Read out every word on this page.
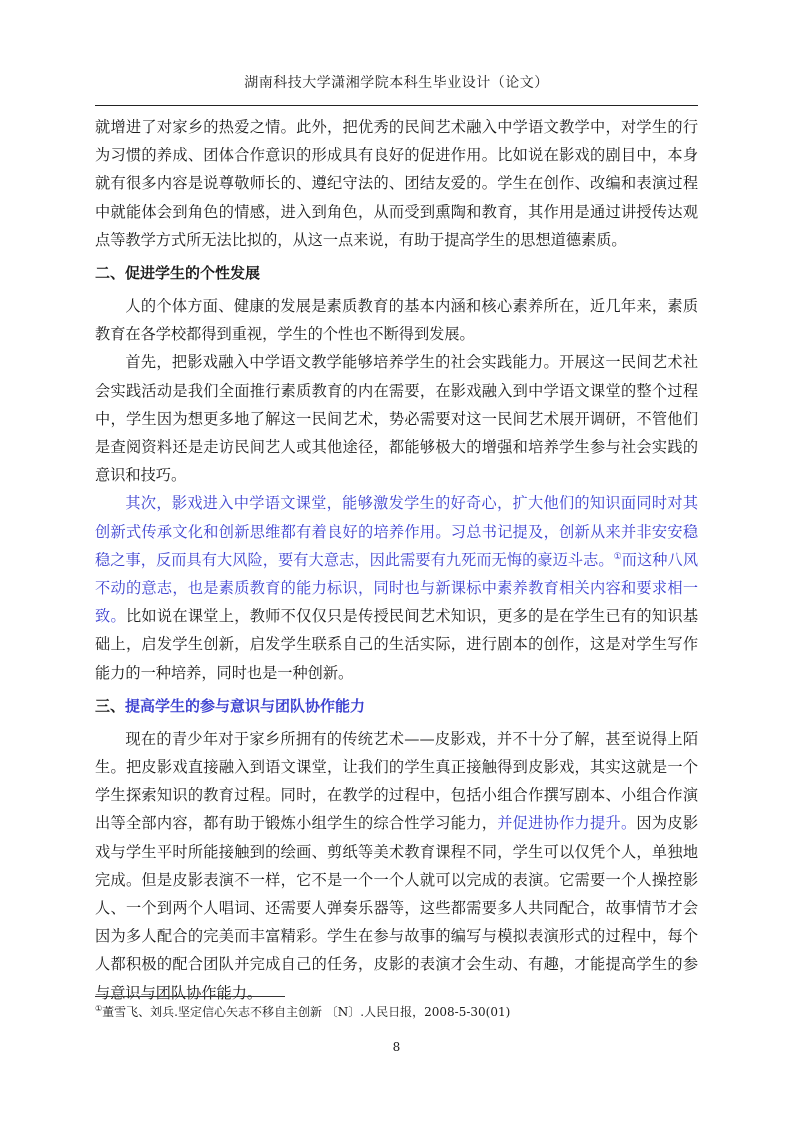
湖南科技大学潇湘学院本科生毕业设计（论文）

就增进了对家乡的热爱之情。此外，把优秀的民间艺术融入中学语文教学中，对学生的行为习惯的养成、团体合作意识的形成具有良好的促进作用。比如说在影戏的剧目中，本身就有很多内容是说尊敬师长的、遵纪守法的、团结友爱的。学生在创作、改编和表演过程中就能体会到角色的情感，进入到角色，从而受到熏陶和教育，其作用是通过讲授传达观点等教学方式所无法比拟的，从这一点来说，有助于提高学生的思想道德素质。

二、促进学生的个性发展

人的个体方面、健康的发展是素质教育的基本内涵和核心素养所在，近几年来，素质教育在各学校都得到重视，学生的个性也不断得到发展。

首先，把影戏融入中学语文教学能够培养学生的社会实践能力。开展这一民间艺术社会实践活动是我们全面推行素质教育的内在需要，在影戏融入到中学语文课堂的整个过程中，学生因为想更多地了解这一民间艺术，势必需要对这一民间艺术展开调研，不管他们是查阅资料还是走访民间艺人或其他途径，都能够极大的增强和培养学生参与社会实践的意识和技巧。

其次，影戏进入中学语文课堂，能够激发学生的好奇心，扩大他们的知识面同时对其创新式传承文化和创新思维都有着良好的培养作用。习总书记提及，创新从来并非安安稳稳之事，反而具有大风险，要有大意志，因此需要有九死而无悔的豪迈斗志。①而这种八风不动的意志，也是素质教育的能力标识，同时也与新课标中素养教育相关内容和要求相一致。比如说在课堂上，教师不仅仅只是传授民间艺术知识，更多的是在学生已有的知识基础上，启发学生创新，启发学生联系自己的生活实际，进行剧本的创作，这是对学生写作能力的一种培养，同时也是一种创新。

三、提高学生的参与意识与团队协作能力

现在的青少年对于家乡所拥有的传统艺术——皮影戏，并不十分了解，甚至说得上陌生。把皮影戏直接融入到语文课堂，让我们的学生真正接触得到皮影戏，其实这就是一个学生探索知识的教育过程。同时，在教学的过程中，包括小组合作撰写剧本、小组合作演出等全部内容，都有助于锻炼小组学生的综合性学习能力，并促进协作力提升。因为皮影戏与学生平时所能接触到的绘画、剪纸等美术教育课程不同，学生可以仅凭个人，单独地完成。但是皮影表演不一样，它不是一个一个人就可以完成的表演。它需要一个人操控影人、一个到两个人唱词、还需要人弹奏乐器等，这些都需要多人共同配合，故事情节才会因为多人配合的完美而丰富精彩。学生在参与故事的编写与模拟表演形式的过程中，每个人都积极的配合团队并完成自己的任务，皮影的表演才会生动、有趣，才能提高学生的参与意识与团队协作能力。

①董雪飞、刘兵.坚定信心矢志不移自主创新 〔N〕.人民日报，2008-5-30(01)
8
